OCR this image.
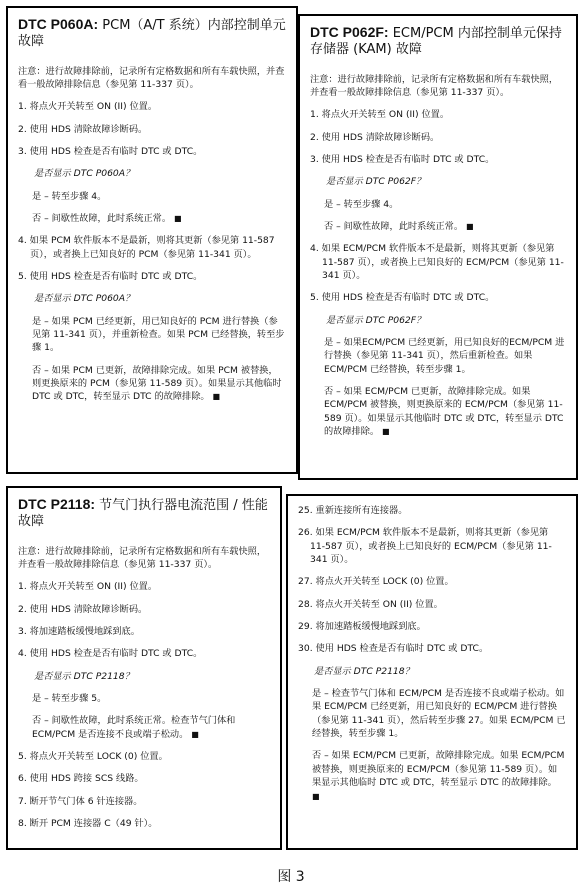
DTC P060A: PCM（A/T 系统）内部控制单元故障

注意：进行故障排除前，记录所有定格数据和所有车载快照，并查看一般故障排除信息（参见第 11-337 页）。

1. 将点火开关转至 ON (II) 位置。

2. 使用 HDS 清除故障诊断码。

3. 使用 HDS 检查是否有临时 DTC 或 DTC。

是否显示 DTC P060A？

是 – 转至步骤 4。

否 – 间歇性故障，此时系统正常。 ■

4. 如果 PCM 软件版本不是最新，则将其更新（参见第 11-587 页），或者换上已知良好的 PCM（参见第 11-341 页）。

5. 使用 HDS 检查是否有临时 DTC 或 DTC。

是否显示 DTC P060A？

是 – 如果 PCM 已经更新，用已知良好的 PCM 进行替换（参见第 11-341 页），并重新检查。如果 PCM 已经替换，转至步骤 1。

否 – 如果 PCM 已更新，故障排除完成。如果 PCM 被替换，则更换原来的 PCM（参见第 11-589 页）。如果显示其他临时 DTC 或 DTC，转至显示 DTC 的故障排除。 ■

DTC P062F: ECM/PCM 内部控制单元保持存储器 (KAM) 故障

注意：进行故障排除前，记录所有定格数据和所有车载快照，并查看一般故障排除信息（参见第 11-337 页）。

1. 将点火开关转至 ON (II) 位置。

2. 使用 HDS 清除故障诊断码。

3. 使用 HDS 检查是否有临时 DTC 或 DTC。

是否显示 DTC P062F？

是 – 转至步骤 4。

否 – 间歇性故障，此时系统正常。 ■

4. 如果 ECM/PCM 软件版本不是最新，则将其更新（参见第 11-587 页），或者换上已知良好的 ECM/PCM（参见第 11-341 页）。

5. 使用 HDS 检查是否有临时 DTC 或 DTC。

是否显示 DTC P062F？

是 – 如果ECM/PCM 已经更新，用已知良好的ECM/PCM 进行替换（参见第 11-341 页），然后重新检查。如果 ECM/PCM 已经替换，转至步骤 1。

否 – 如果 ECM/PCM 已更新，故障排除完成。如果 ECM/PCM 被替换，则更换原来的 ECM/PCM（参见第 11-589 页）。如果显示其他临时 DTC 或 DTC，转至显示 DTC 的故障排除。 ■

DTC P2118: 节气门执行器电流范围 / 性能故障

注意：进行故障排除前，记录所有定格数据和所有车载快照，并查看一般故障排除信息（参见第 11-337 页）。

1. 将点火开关转至 ON (II) 位置。

2. 使用 HDS 清除故障诊断码。

3. 将加速踏板缓慢地踩到底。

4. 使用 HDS 检查是否有临时 DTC 或 DTC。

是否显示 DTC P2118？

是 – 转至步骤 5。

否 – 间歇性故障，此时系统正常。检查节气门体和 ECM/PCM 是否连接不良或端子松动。 ■

5. 将点火开关转至 LOCK (0) 位置。

6. 使用 HDS 跨接 SCS 线路。

7. 断开节气门体 6 针连接器。

8. 断开 PCM 连接器 C（49 针）。

25. 重新连接所有连接器。

26. 如果 ECM/PCM 软件版本不是最新，则将其更新（参见第 11-587 页），或者换上已知良好的 ECM/PCM（参见第 11-341 页）。

27. 将点火开关转至 LOCK (0) 位置。

28. 将点火开关转至 ON (II) 位置。

29. 将加速踏板缓慢地踩到底。

30. 使用 HDS 检查是否有临时 DTC 或 DTC。

是否显示 DTC P2118？

是 – 检查节气门体和 ECM/PCM 是否连接不良或端子松动。如果 ECM/PCM 已经更新，用已知良好的 ECM/PCM 进行替换（参见第 11-341 页），然后转至步骤 27。如果 ECM/PCM 已经替换，转至步骤 1。

否 – 如果 ECM/PCM 已更新，故障排除完成。如果 ECM/PCM 被替换，则更换原来的 ECM/PCM（参见第 11-589 页）。如果显示其他临时 DTC 或 DTC，转至显示 DTC 的故障排除。 ■

图 3
